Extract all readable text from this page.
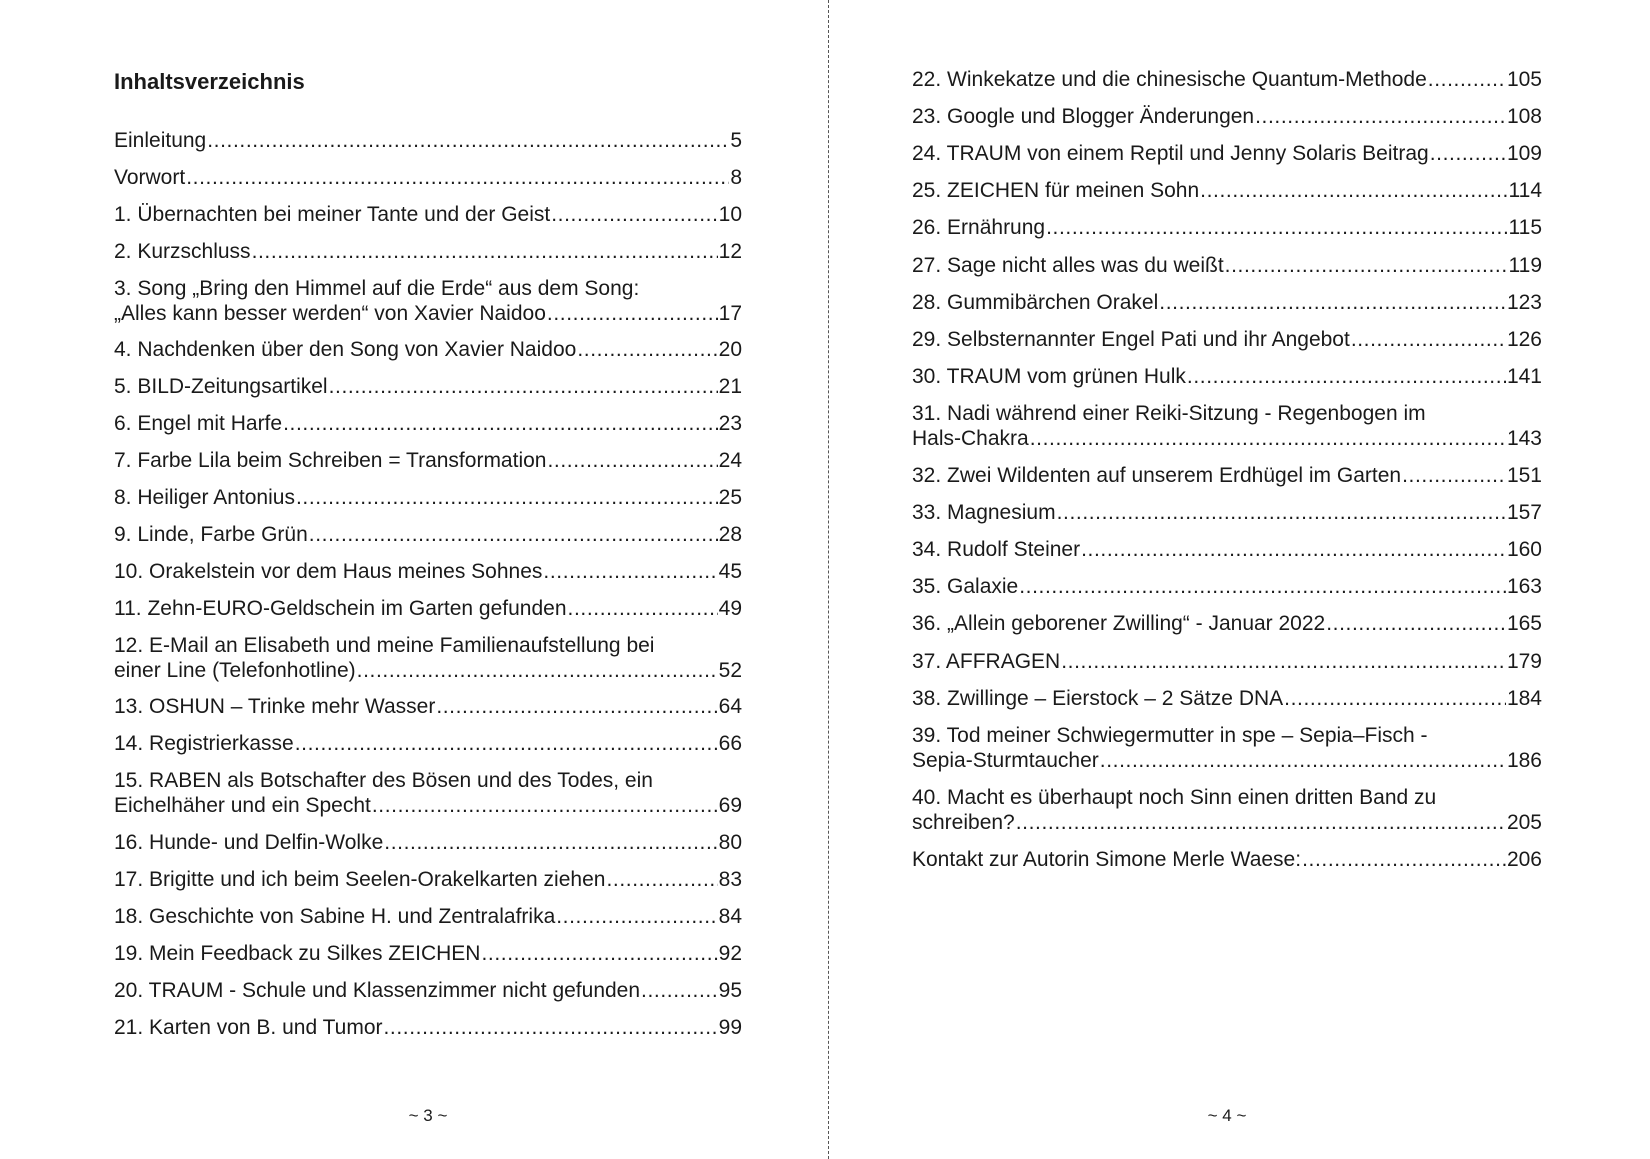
Inhaltsverzeichnis
Einleitung .....	5
Vorwort .....	8
1. Übernachten bei meiner Tante und der Geist .....	10
2. Kurzschluss .....	12
3. Song „Bring den Himmel auf die Erde“ aus dem Song:
„Alles kann besser werden“ von Xavier Naidoo .....	17
4. Nachdenken über den Song von Xavier Naidoo .....	20
5. BILD-Zeitungsartikel .....	21
6. Engel mit Harfe .....	23
7. Farbe Lila beim Schreiben = Transformation .....	24
8. Heiliger Antonius .....	25
9. Linde, Farbe Grün .....	28
10. Orakelstein vor dem Haus meines Sohnes .....	45
11. Zehn-EURO-Geldschein im Garten gefunden .....	49
12. E-Mail an Elisabeth und meine Familienaufstellung bei
einer Line (Telefonhotline) .....	52
13. OSHUN – Trinke mehr Wasser .....	64
14. Registrierkasse .....	66
15. RABEN als Botschafter des Bösen und des Todes, ein
Eichelhäher und ein Specht .....	69
16. Hunde- und Delfin-Wolke .....	80
17. Brigitte und ich beim Seelen-Orakelkarten ziehen .....	83
18. Geschichte von Sabine H. und Zentralafrika .....	84
19. Mein Feedback zu Silkes ZEICHEN .....	92
20. TRAUM - Schule und Klassenzimmer nicht gefunden .....	95
21. Karten von B. und Tumor .....	99
~ 3 ~
22. Winkekatze und die chinesische Quantum-Methode .....	105
23. Google und Blogger Änderungen .....	108
24. TRAUM von einem Reptil und Jenny Solaris Beitrag .....	109
25. ZEICHEN für meinen Sohn .....	114
26. Ernährung .....	115
27. Sage nicht alles was du weißt .....	119
28. Gummibärchen Orakel .....	123
29. Selbsternannter Engel Pati und ihr Angebot .....	126
30. TRAUM vom grünen Hulk .....	141
31. Nadi während einer Reiki-Sitzung - Regenbogen im
Hals-Chakra .....	143
32. Zwei Wildenten auf unserem Erdhügel im Garten .....	151
33. Magnesium .....	157
34. Rudolf Steiner .....	160
35. Galaxie .....	163
36. „Allein geborener Zwilling“ - Januar 2022 .....	165
37. AFFRAGEN .....	179
38. Zwillinge – Eierstock – 2 Sätze DNA .....	184
39. Tod meiner Schwiegermutter in spe – Sepia–Fisch -
Sepia-Sturmtaucher .....	186
40. Macht es überhaupt noch Sinn einen dritten Band zu
schreiben? .....	205
Kontakt zur Autorin Simone Merle Waese: .....	206
~ 4 ~
